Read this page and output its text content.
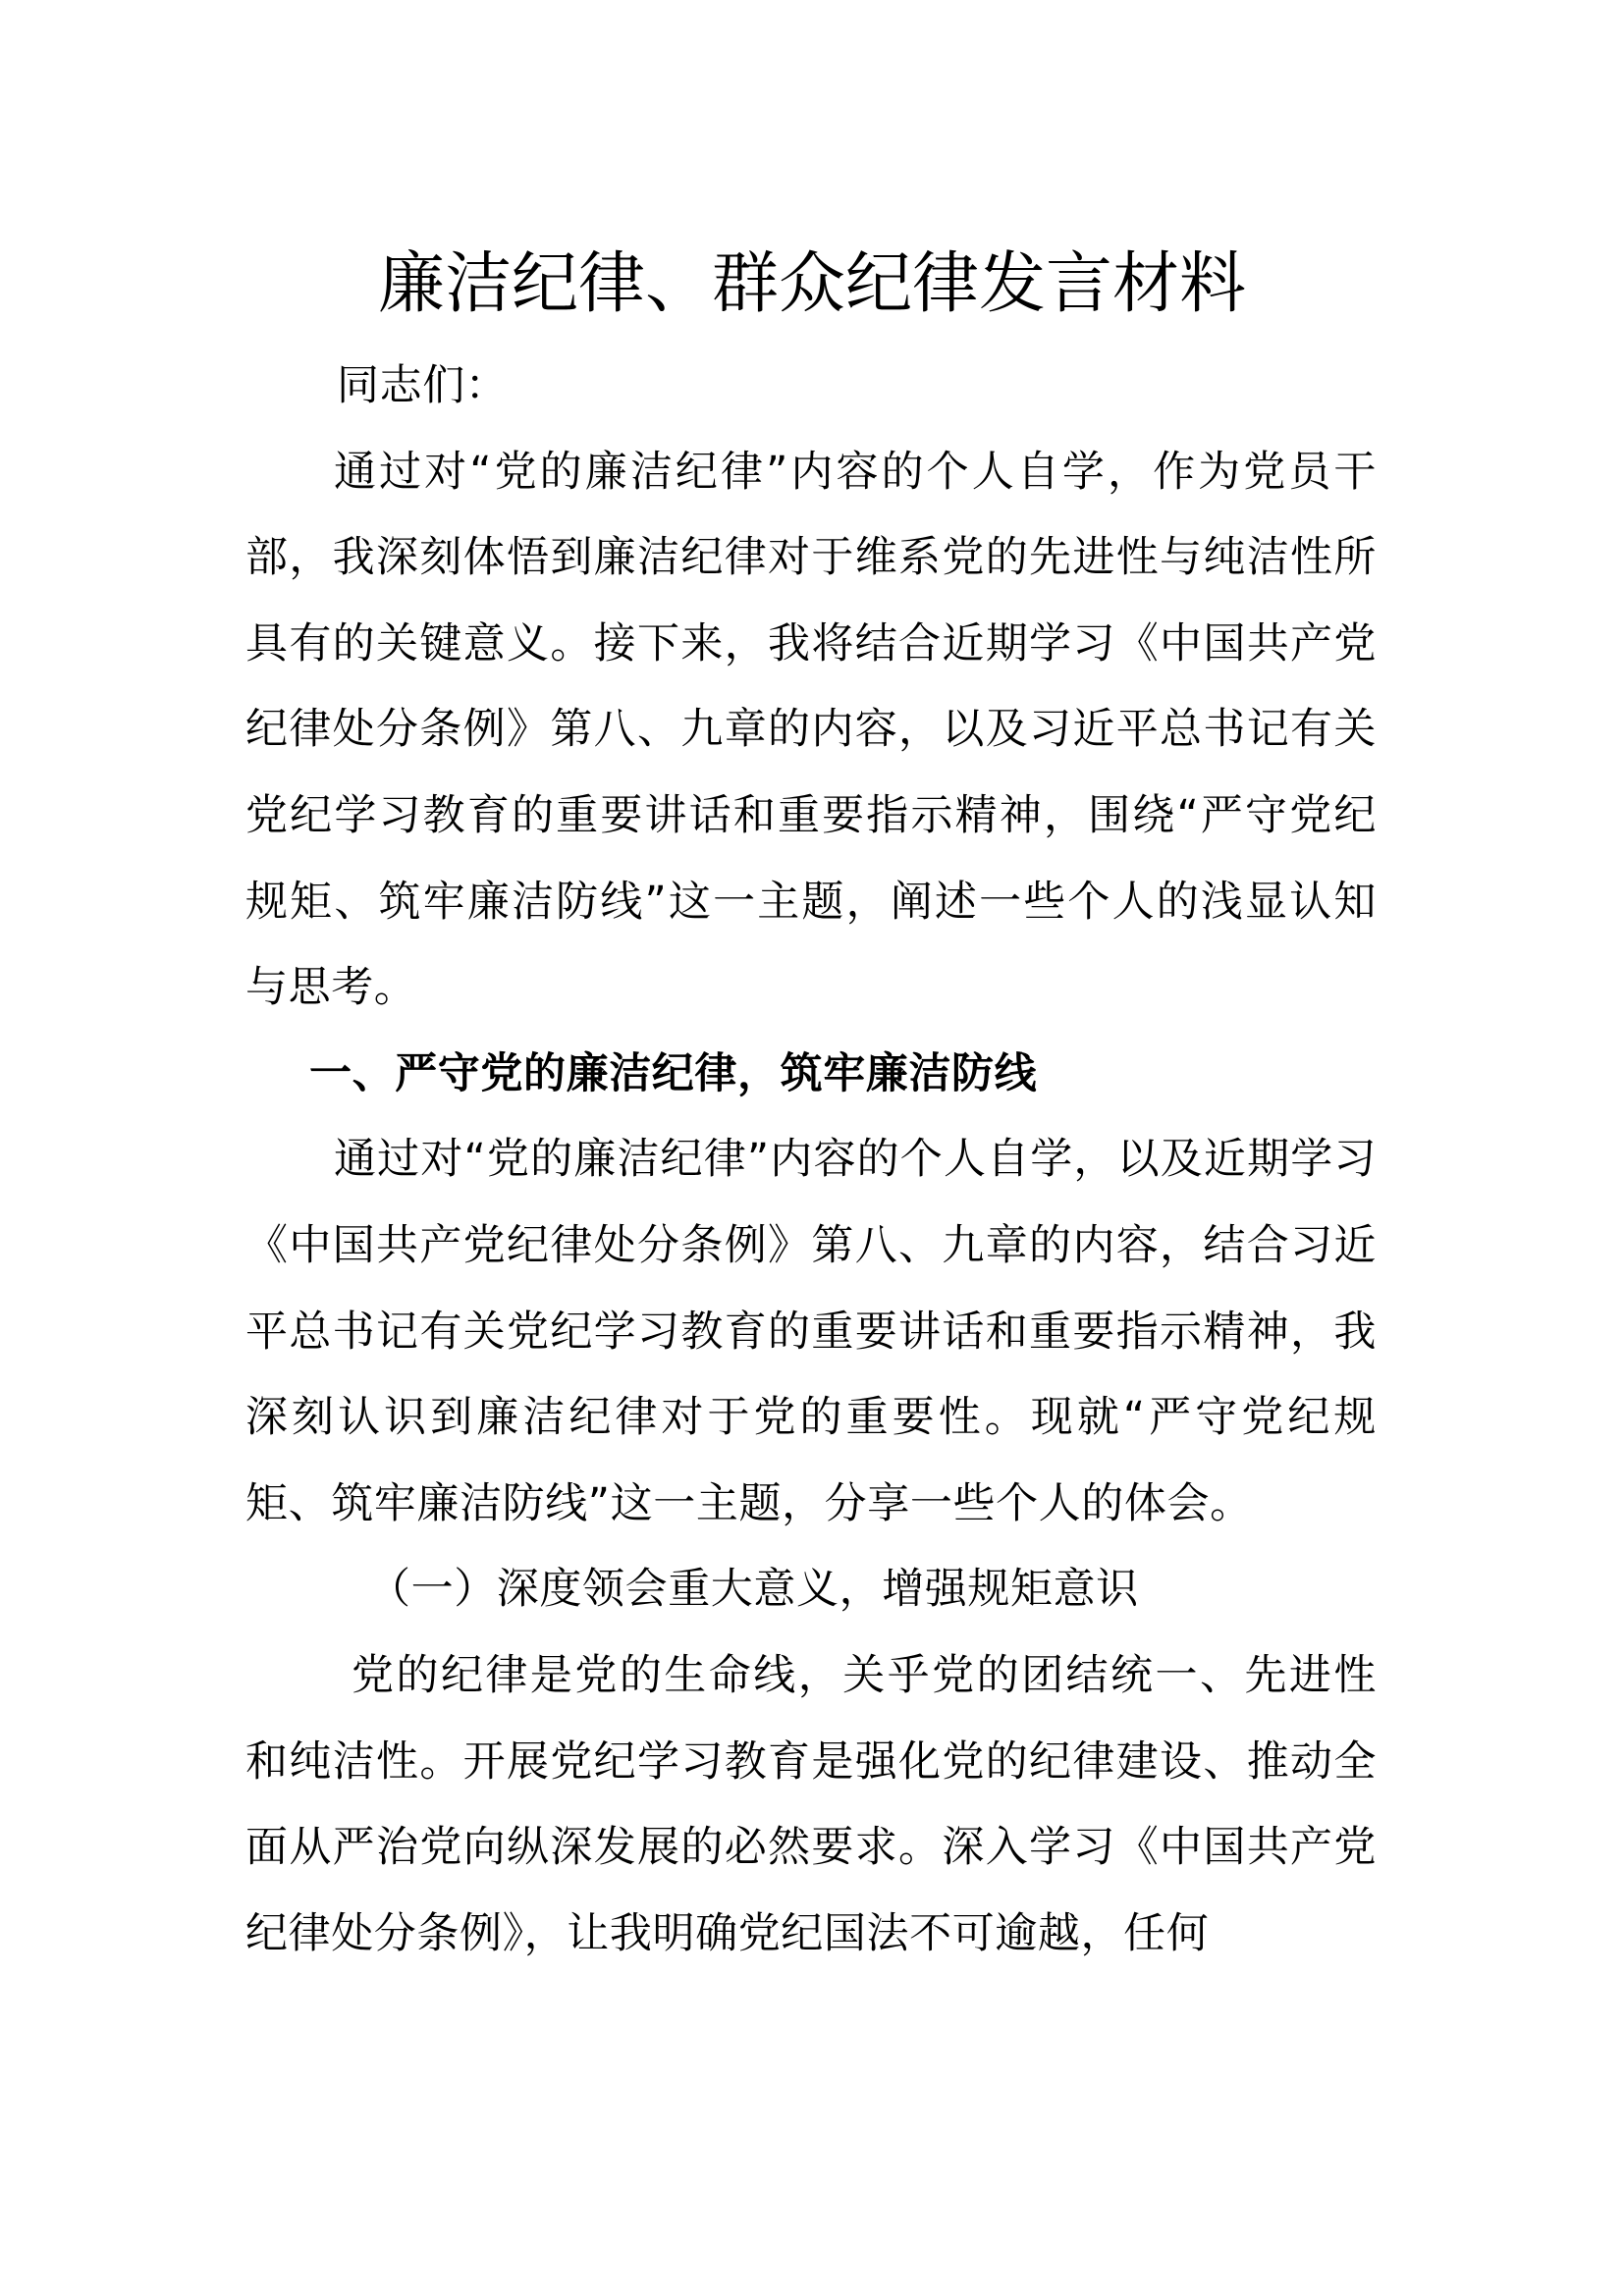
廉洁纪律、群众纪律发言材料

同志们：

通过对“党的廉洁纪律”内容的个人自学，作为党员干部，我深刻体悟到廉洁纪律对于维系党的先进性与纯洁性所具有的关键意义。接下来，我将结合近期学习《中国共产党纪律处分条例》第八、九章的内容，以及习近平总书记有关党纪学习教育的重要讲话和重要指示精神，围绕“严守党纪规矩、筑牢廉洁防线”这一主题，阐述一些个人的浅显认知与思考。

一、严守党的廉洁纪律，筑牢廉洁防线

通过对“党的廉洁纪律”内容的个人自学，以及近期学习《中国共产党纪律处分条例》第八、九章的内容，结合习近平总书记有关党纪学习教育的重要讲话和重要指示精神，我深刻认识到廉洁纪律对于党的重要性。现就“严守党纪规矩、筑牢廉洁防线”这一主题，分享一些个人的体会。

（一）深度领会重大意义，增强规矩意识

党的纪律是党的生命线，关乎党的团结统一、先进性和纯洁性。开展党纪学习教育是强化党的纪律建设、推动全面从严治党向纵深发展的必然要求。深入学习《中国共产党纪律处分条例》，让我明确党纪国法不可逾越，任何
